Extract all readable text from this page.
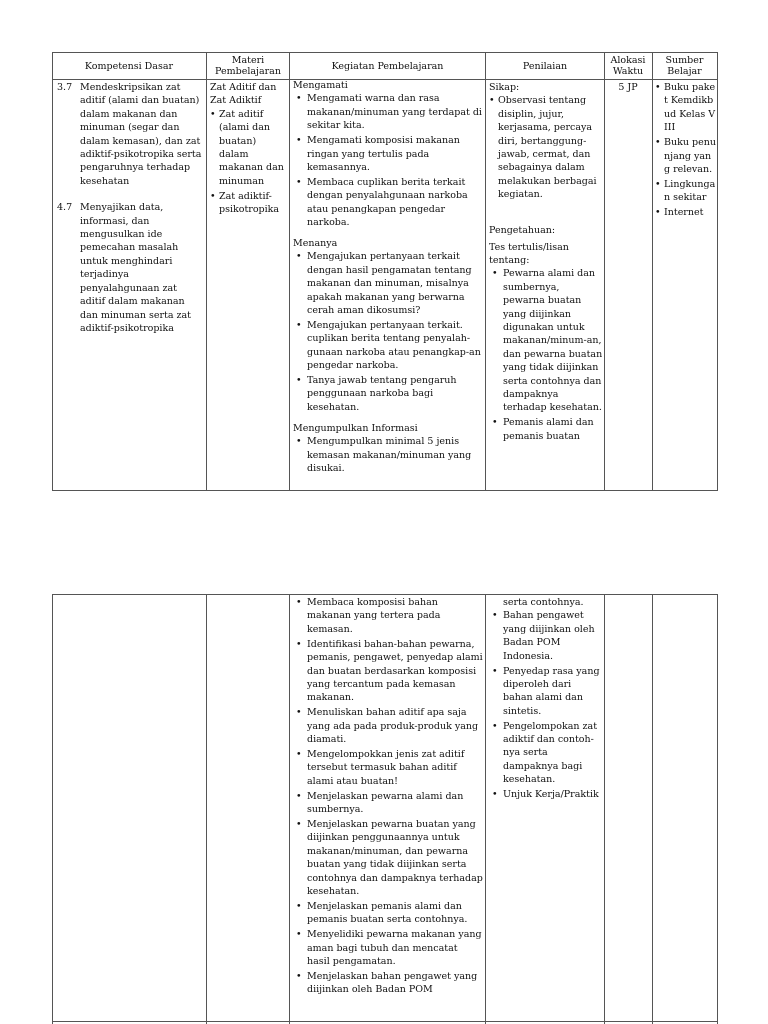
Kompetensi Dasar	Materi Pembelajaran	Kegiatan Pembelajaran	Penilaian	Alokasi Waktu
Sumber Belajar
3.7 Mendeskripsikan zat aditif (alami dan buatan) dalam makanan dan minuman (segar dan dalam kemasan), dan zat adiktif-psikotropika serta pengaruhnya terhadap kesehatan
4.7 Menyajikan data, informasi, dan mengusulkan ide pemecahan masalah untuk menghindari terjadinya penyalahgunaan zat aditif dalam makanan dan minuman serta zat adiktif-psikotropika

Zat Aditif dan Zat Adiktif

• Zat aditif (alami dan buatan) dalam makanan dan minuman
• Zat adiktif-psikotropika

Mengamati

• Mengamati warna dan rasa makanan/minuman yang terdapat di sekitar kita.
• Mengamati komposisi makanan ringan yang tertulis pada kemasannya.
• Membaca cuplikan berita terkait dengan penyalahgunaan narkoba atau penangkapan pengedar narkoba.

Menanya

• Mengajukan pertanyaan terkait dengan hasil pengamatan tentang makanan dan minuman, misalnya apakah makanan yang berwarna cerah aman dikosumsi?
• Mengajukan pertanyaan terkait. cuplikan berita tentang penyalah-gunaan narkoba atau penangkap-an pengedar narkoba.
• Tanya jawab tentang pengaruh penggunaan narkoba bagi kesehatan.

Mengumpulkan Informasi

• Mengumpulkan minimal 5 jenis kemasan makanan/minuman yang disukai.

Sikap:

• Observasi tentang disiplin, jujur, kerjasama, percaya diri, bertanggung-jawab, cermat, dan sebagainya dalam melakukan berbagai kegiatan.

Pengetahuan:

Tes tertulis/lisan tentang:

• Pewarna alami dan sumbernya, pewarna buatan yang diijinkan digunakan untuk makanan/minum-an, dan pewarna buatan yang tidak diijinkan serta contohnya dan dampaknya terhadap kesehatan.
• Pemanis alami dan pemanis buatan
5 JP
•	Buku paket Kemdikbud Kelas VIII
• Buku penunjang yang relevan.
• Lingkungan sekitar
• Internet
• Membaca komposisi bahan makanan yang tertera pada kemasan.
• Identifikasi bahan-bahan pewarna, pemanis, pengawet, penyedap alami dan buatan berdasarkan komposisi yang tercantum pada kemasan makanan.
• Menuliskan bahan aditif apa saja yang ada pada produk-produk yang diamati.
• Mengelompokkan jenis zat aditif tersebut termasuk bahan aditif alami atau buatan!
• Menjelaskan pewarna alami dan sumbernya.
• Menjelaskan pewarna buatan yang diijinkan penggunaannya untuk makanan/minuman, dan pewarna buatan yang tidak diijinkan serta contohnya dan dampaknya terhadap kesehatan.
• Menjelaskan pemanis alami dan pemanis buatan serta contohnya.
• Menyelidiki pewarna makanan yang aman bagi tubuh dan mencatat hasil pengamatan.
• Menjelaskan bahan pengawet yang diijinkan oleh Badan POM

serta contohnya.

• Bahan pengawet yang diijinkan oleh Badan POM Indonesia.
• Penyedap rasa yang diperoleh dari bahan alami dan sintetis.
• Pengelompokan zat adiktif dan contoh-nya serta dampaknya bagi kesehatan.
• Unjuk Kerja/Praktik
